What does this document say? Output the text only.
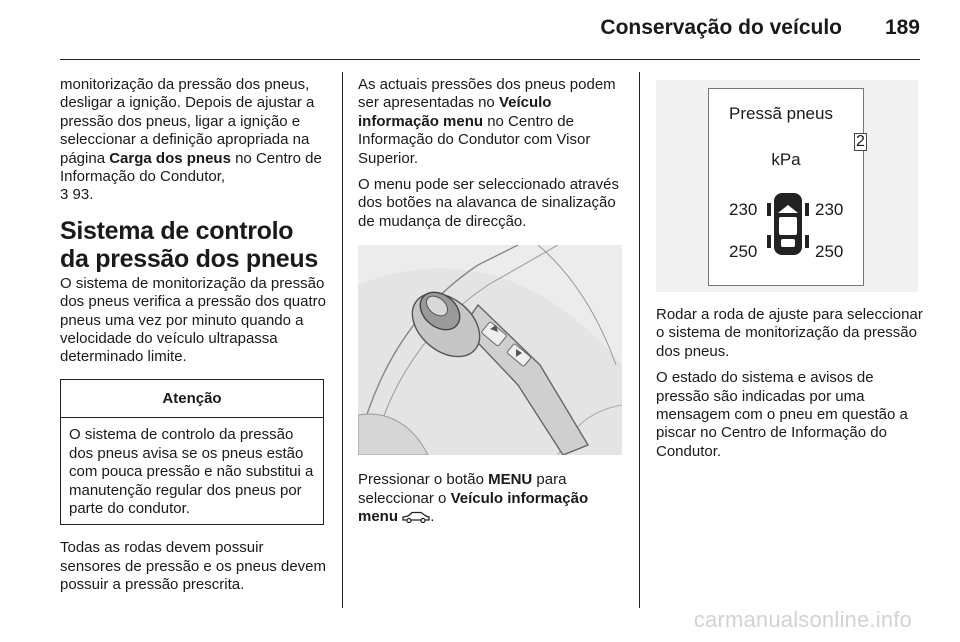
Conservação do veículo 189

monitorização da pressão dos pneus, desligar a ignição. Depois de ajustar a pressão dos pneus, ligar a ignição e seleccionar a definição apropriada na página Carga dos pneus no Centro de Informação do Condutor,
3 93.

Sistema de controlo da pressão dos pneus

O sistema de monitorização da pressão dos pneus verifica a pressão dos quatro pneus uma vez por minuto quando a velocidade do veículo ultrapassa determinado limite.

Atenção
O sistema de controlo da pressão dos pneus avisa se os pneus estão com pouca pressão e não substitui a manutenção regular dos pneus por parte do condutor.

Todas as rodas devem possuir sensores de pressão e os pneus devem possuir a pressão prescrita.

As actuais pressões dos pneus podem ser apresentadas no Veículo informação menu no Centro de Informação do Condutor com Visor Superior.

O menu pode ser seleccionado através dos botões na alavanca de sinalização de mudança de direcção.

Pressionar o botão MENU para seleccionar o Veículo informação menu .

Pressã pneus
2
kPa
230	230
250	250

Rodar a roda de ajuste para seleccionar o sistema de monitorização da pressão dos pneus.

O estado do sistema e avisos de pressão são indicadas por uma mensagem com o pneu em questão a piscar no Centro de Informação do Condutor.

carmanualsonline.info
